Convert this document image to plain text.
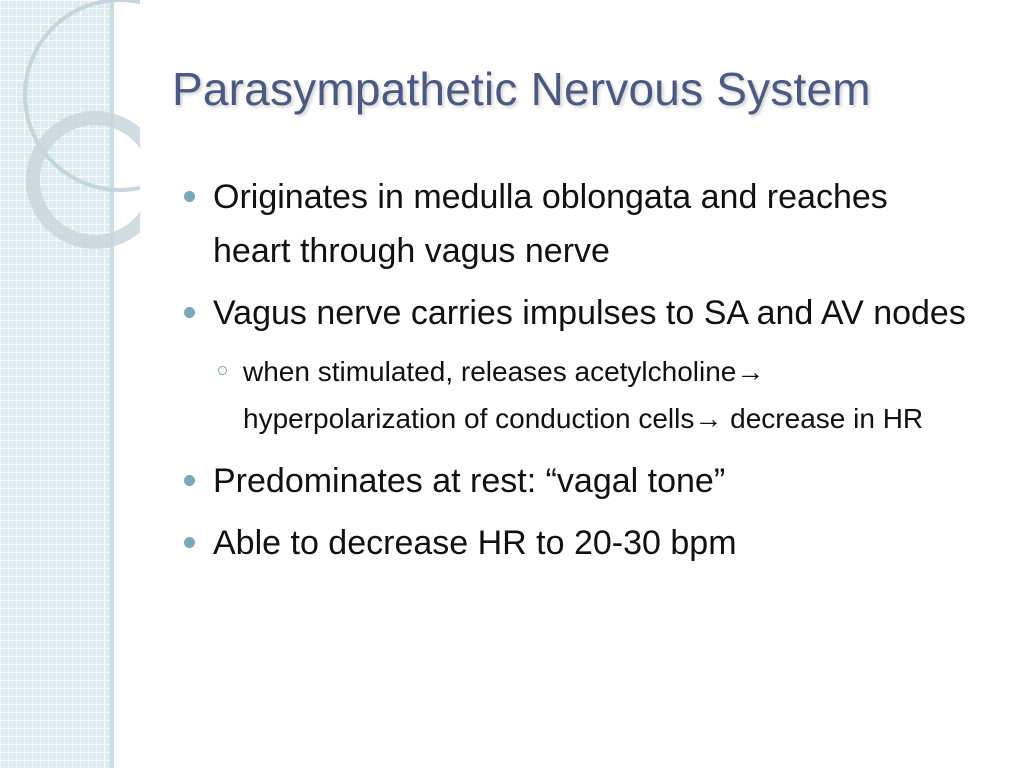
Parasympathetic Nervous System
Originates in medulla oblongata and reaches heart through vagus nerve
Vagus nerve carries impulses to SA and AV nodes
when stimulated, releases acetylcholine→ hyperpolarization of conduction cells→ decrease in HR
Predominates at rest: “vagal tone”
Able to decrease HR to 20-30 bpm
